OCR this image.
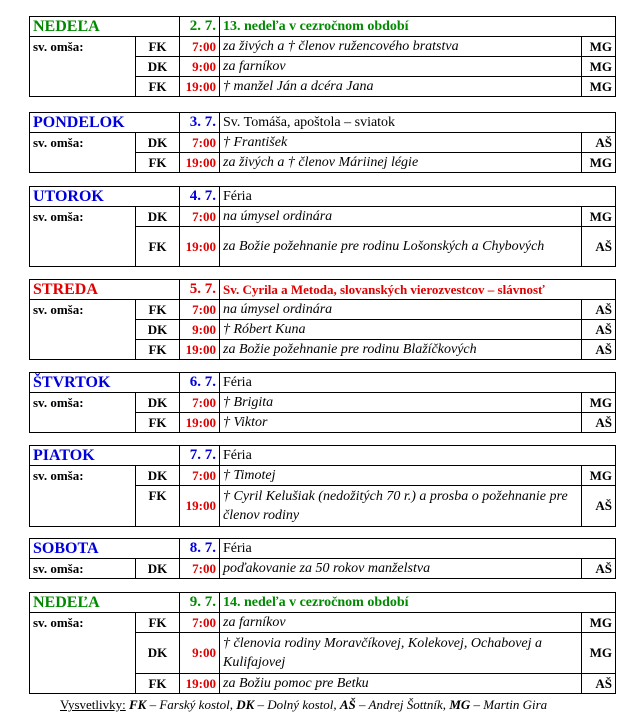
NEDEĽA		2. 7.	13. nedeľa v cezročnom období	
sv. omša:	FK	7:00	za živých a † členov ružencového bratstva	MG
	DK	9:00	za farníkov	MG
	FK	19:00	† manžel Ján a dcéra Jana	MG
PONDELOK		3. 7.	Sv. Tomáša, apoštola – sviatok	
sv. omša:	DK	7:00	† František	AŠ
	FK	19:00	za živých a † členov Máriinej légie	MG
UTOROK		4. 7.	Féria	
sv. omša:	DK	7:00	na úmysel ordinára	MG
	FK	19:00	za Božie požehnanie pre rodinu Lošonských a Chybových	AŠ
STREDA		5. 7.	Sv. Cyrila a Metoda, slovanských vierozvestcov – slávnosť	
sv. omša:	FK	7:00	na úmysel ordinára	AŠ
	DK	9:00	† Róbert Kuna	AŠ
	FK	19:00	za Božie požehnanie pre rodinu Blažíčkových	AŠ
ŠTVRTOK		6. 7.	Féria	
sv. omša:	DK	7:00	† Brigita	MG
	FK	19:00	† Viktor	AŠ
PIATOK		7. 7.	Féria	
sv. omša:	DK	7:00	† Timotej	MG
	FK	19:00	† Cyril Kelušiak (nedožitých 70 r.) a prosba o požehnanie pre členov rodiny	AŠ
SOBOTA		8. 7.	Féria	
sv. omša:	DK	7:00	poďakovanie za 50 rokov manželstva	AŠ
NEDEĽA		9. 7.	14. nedeľa v cezročnom období	
sv. omša:	FK	7:00	za farníkov	MG
	DK	9:00	† členovia rodiny Moravčíkovej, Kolekovej, Ochabovej a Kulifajovej	MG
	FK	19:00	za Božiu pomoc pre Betku	AŠ
Vysvetlivky: FK – Farský kostol, DK – Dolný kostol, AŠ – Andrej Šottník, MG – Martin Gira
